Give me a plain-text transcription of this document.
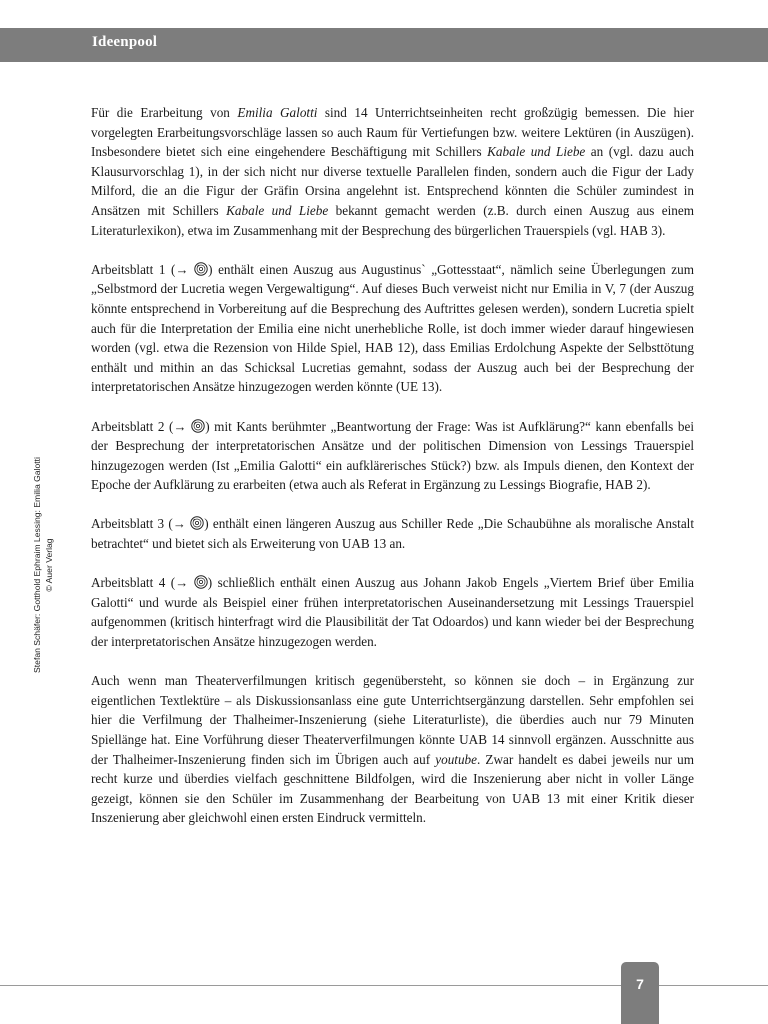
Ideenpool
Stefan Schäfer: Gotthold Ephraim Lessing: Emilia Galotti © Auer Verlag

Für die Erarbeitung von Emilia Galotti sind 14 Unterrichtseinheiten recht großzügig bemessen. Die hier vorgelegten Erarbeitungsvorschläge lassen so auch Raum für Vertiefungen bzw. weitere Lektüren (in Auszügen). Insbesondere bietet sich eine eingehendere Beschäftigung mit Schillers Kabale und Liebe an (vgl. dazu auch Klausurvorschlag 1), in der sich nicht nur diverse textuelle Parallelen finden, sondern auch die Figur der Lady Milford, die an die Figur der Gräfin Orsina angelehnt ist. Entsprechend könnten die Schüler zumindest in Ansätzen mit Schillers Kabale und Liebe bekannt gemacht werden (z.B. durch einen Auszug aus einem Literaturlexikon), etwa im Zusammenhang mit der Besprechung des bürgerlichen Trauerspiels (vgl. HAB 3).

Arbeitsblatt 1 (→ ) enthält einen Auszug aus Augustinus` „Gottesstaat“, nämlich seine Überlegungen zum „Selbstmord der Lucretia wegen Vergewaltigung“. Auf dieses Buch verweist nicht nur Emilia in V, 7 (der Auszug könnte entsprechend in Vorbereitung auf die Besprechung des Auftrittes gelesen werden), sondern Lucretia spielt auch für die Interpretation der Emilia eine nicht unerhebliche Rolle, ist doch immer wieder darauf hingewiesen worden (vgl. etwa die Rezension von Hilde Spiel, HAB 12), dass Emilias Erdolchung Aspekte der Selbsttötung enthält und mithin an das Schicksal Lucretias gemahnt, sodass der Auszug auch bei der Besprechung der interpretatorischen Ansätze hinzugezogen werden könnte (UE 13).

Arbeitsblatt 2 (→ ) mit Kants berühmter „Beantwortung der Frage: Was ist Aufklärung?“ kann ebenfalls bei der Besprechung der interpretatorischen Ansätze und der politischen Dimension von Lessings Trauerspiel hinzugezogen werden (Ist „Emilia Galotti“ ein aufklärerisches Stück?) bzw. als Impuls dienen, den Kontext der Epoche der Aufklärung zu erarbeiten (etwa auch als Referat in Ergänzung zu Lessings Biografie, HAB 2).

Arbeitsblatt 3 (→ ) enthält einen längeren Auszug aus Schiller Rede „Die Schaubühne als moralische Anstalt betrachtet“ und bietet sich als Erweiterung von UAB 13 an.

Arbeitsblatt 4 (→ ) schließlich enthält einen Auszug aus Johann Jakob Engels „Viertem Brief über Emilia Galotti“ und wurde als Beispiel einer frühen interpretatorischen Auseinandersetzung mit Lessings Trauerspiel aufgenommen (kritisch hinterfragt wird die Plausibilität der Tat Odoardos) und kann wieder bei der Besprechung der interpretatorischen Ansätze hinzugezogen werden.

Auch wenn man Theaterverfilmungen kritisch gegenübersteht, so können sie doch – in Ergänzung zur eigentlichen Textlektüre – als Diskussionsanlass eine gute Unterrichtsergänzung darstellen. Sehr empfohlen sei hier die Verfilmung der Thalheimer-Inszenierung (siehe Literaturliste), die überdies auch nur 79 Minuten Spiellänge hat. Eine Vorführung dieser Theaterverfilmungen könnte UAB 14 sinnvoll ergänzen. Ausschnitte aus der Thalheimer-Inszenierung finden sich im Übrigen auch auf youtube. Zwar handelt es dabei jeweils nur um recht kurze und überdies vielfach geschnittene Bildfolgen, wird die Inszenierung aber nicht in voller Länge gezeigt, können sie den Schüler im Zusammenhang der Bearbeitung von UAB 13 mit einer Kritik dieser Inszenierung aber gleichwohl einen ersten Eindruck vermitteln.

7
